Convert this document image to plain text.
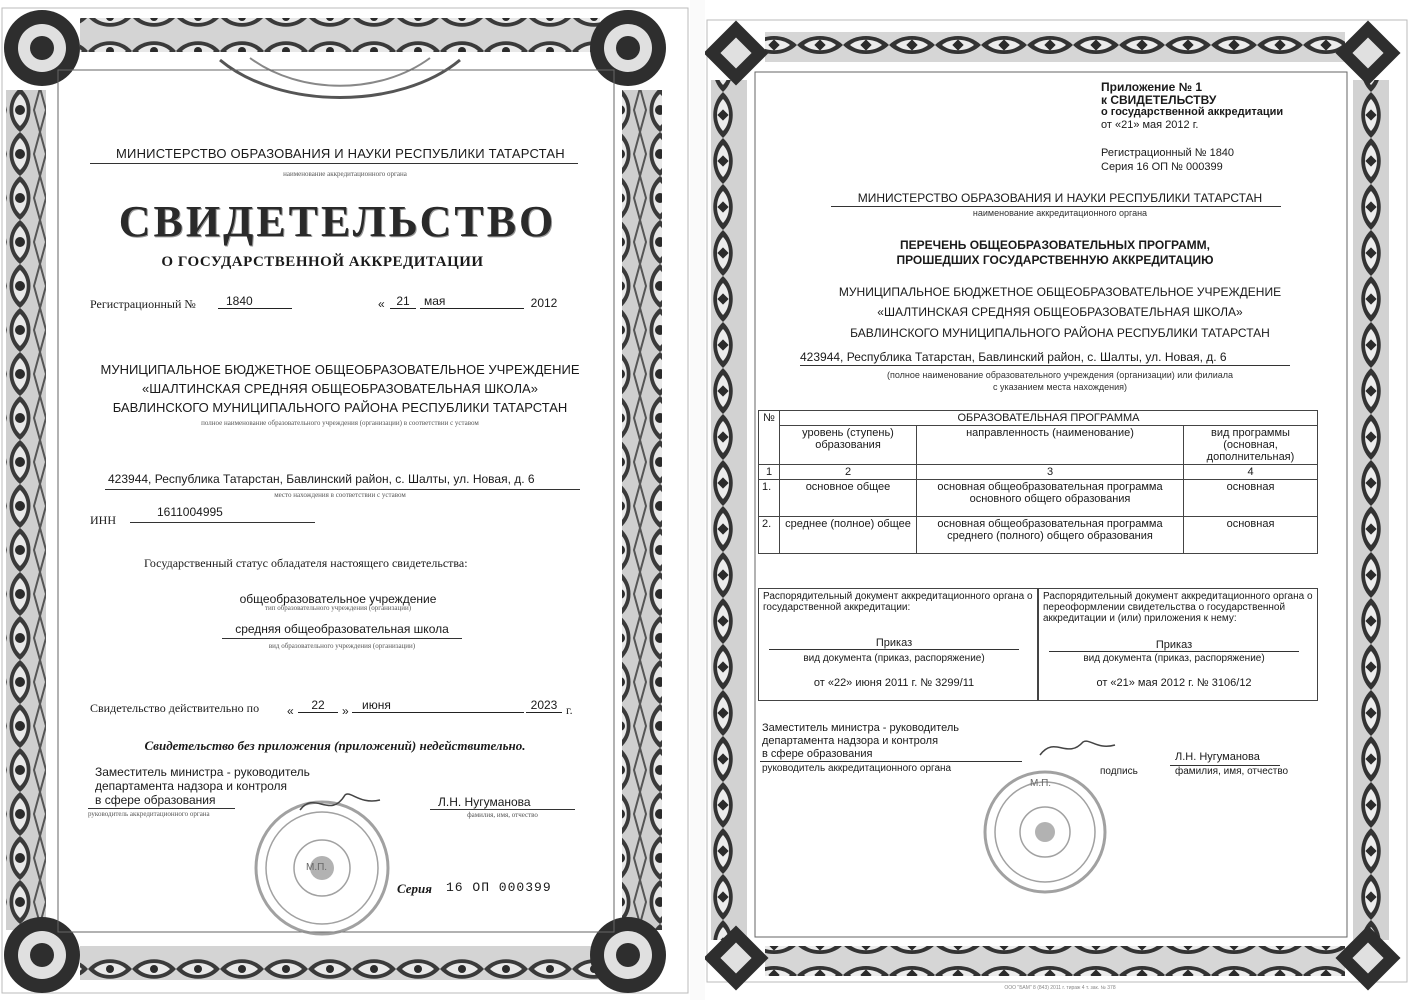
МИНИСТЕРСТВО ОБРАЗОВАНИЯ И НАУКИ РЕСПУБЛИКИ ТАТАРСТАН
наименование аккредитационного органа
СВИДЕТЕЛЬСТВО
О ГОСУДАРСТВЕННОЙ АККРЕДИТАЦИИ
Регистрационный №	1840	« 21	мая	2012
МУНИЦИПАЛЬНОЕ БЮДЖЕТНОЕ ОБЩЕОБРАЗОВАТЕЛЬНОЕ УЧРЕЖДЕНИЕ
«ШАЛТИНСКАЯ СРЕДНЯЯ ОБЩЕОБРАЗОВАТЕЛЬНАЯ ШКОЛА»
БАВЛИНСКОГО МУНИЦИПАЛЬНОГО РАЙОНА РЕСПУБЛИКИ ТАТАРСТАН
полное наименование образовательного учреждения (организации) в соответствии с уставом
423944, Республика Татарстан, Бавлинский район, с. Шалты, ул. Новая, д. 6
место нахождения в соответствии с уставом
ИНН
1611004995
Государственный статус обладателя настоящего свидетельства:
общеобразовательное учреждение
тип образовательного учреждения (организации)
средняя общеобразовательная школа
вид образовательного учреждения (организации)
Свидетельство действительно по «	22	»	июня	2023 г.
Свидетельство без приложения (приложений) недействительно.
Заместитель министра - руководитель
департамента надзора и контроля
в сфере образования
руководитель аккредитационного органа
Л.Н. Нугуманова
фамилия, имя, отчество
М.П.
Серия 16 ОП 000399
Приложение № 1
к СВИДЕТЕЛЬСТВУ
о государственной аккредитации
от «21» мая 2012 г.
Регистрационный № 1840
Серия 16 ОП № 000399
МИНИСТЕРСТВО ОБРАЗОВАНИЯ И НАУКИ РЕСПУБЛИКИ ТАТАРСТАН
наименование аккредитационного органа
ПЕРЕЧЕНЬ ОБЩЕОБРАЗОВАТЕЛЬНЫХ ПРОГРАММ,
ПРОШЕДШИХ ГОСУДАРСТВЕННУЮ АККРЕДИТАЦИЮ
МУНИЦИПАЛЬНОЕ БЮДЖЕТНОЕ ОБЩЕОБРАЗОВАТЕЛЬНОЕ УЧРЕЖДЕНИЕ
«ШАЛТИНСКАЯ СРЕДНЯЯ ОБЩЕОБРАЗОВАТЕЛЬНАЯ ШКОЛА»
БАВЛИНСКОГО МУНИЦИПАЛЬНОГО РАЙОНА РЕСПУБЛИКИ ТАТАРСТАН
423944, Республика Татарстан, Бавлинский район, с. Шалты, ул. Новая, д. 6
(полное наименование образовательного учреждения (организации) или филиала
с указанием места нахождения)
№	ОБРАЗОВАТЕЛЬНАЯ ПРОГРАММА		
	уровень (ступень) образования	направленность (наименование)	вид программы (основная, дополнительная)
1	2	3	4
1.	основное общее	основная общеобразовательная программа основного общего образования	основная
2.	среднее (полное) общее	основная общеобразовательная программа среднего (полного) общего образования	основная
Распорядительный документ аккредитационного органа о государственной аккредитации:
Приказ
вид документа (приказ, распоряжение)
от «22» июня 2011 г. № 3299/11
Распорядительный документ аккредитационного органа о переоформлении свидетельства о государственной аккредитации и (или) приложения к нему:
Приказ
вид документа (приказ, распоряжение)
от «21» мая 2012 г. № 3106/12
Заместитель министра - руководитель
департамента надзора и контроля
в сфере образования
руководитель аккредитационного органа	подпись
Л.Н. Нугуманова
фамилия, имя, отчество
М.П.
ООО "БАМ" 8 (843) 2011 г. тираж 4 т. зак. № 378
